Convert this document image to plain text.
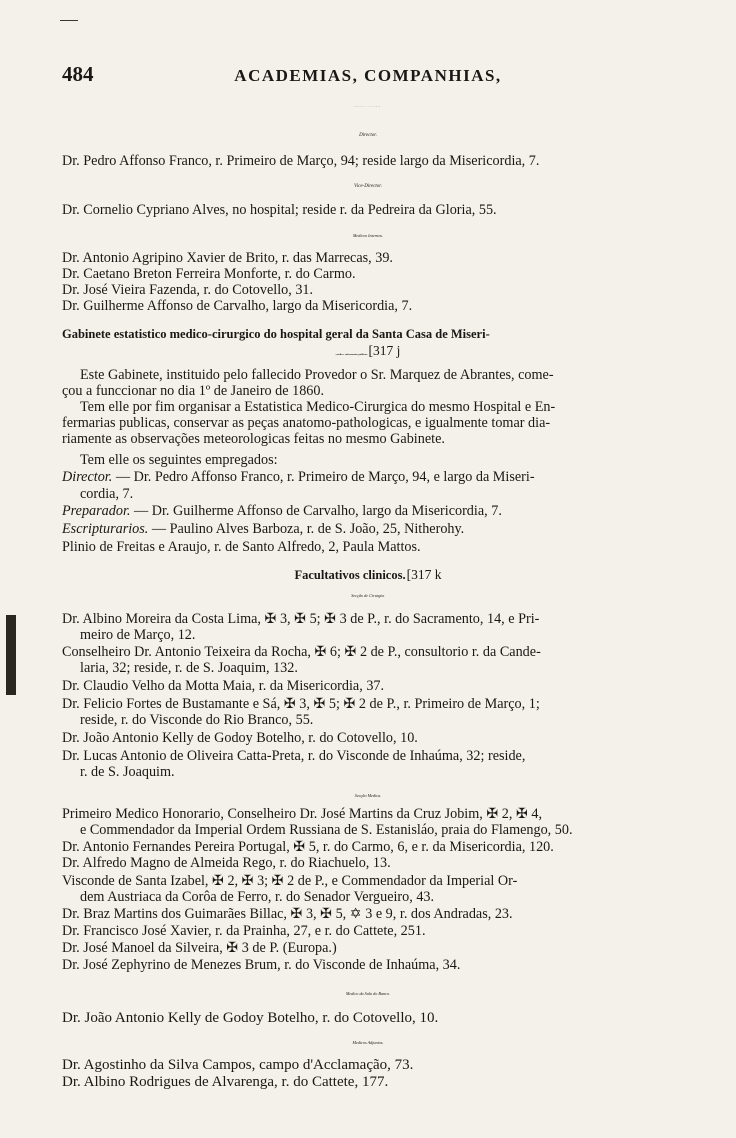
484	ACADEMIAS, COMPANHIAS,
SERVIÇO SANITARIO.
Director.
Dr. Pedro Affonso Franco, r. Primeiro de Março, 94; reside largo da Misericordia, 7.
Vice-Director.
Dr. Cornelio Cypriano Alves, no hospital; reside r. da Pedreira da Gloria, 55.
Medicos Internos.
Dr. Antonio Agripino Xavier de Brito, r. das Marrecas, 39.
Dr. Caetano Breton Ferreira Monforte, r. do Carmo.
Dr. José Vieira Fazenda, r. do Cotovello, 31.
Dr. Guilherme Affonso de Carvalho, largo da Misericordia, 7.
Gabinete estatistico medico-cirurgico do hospital geral da Santa Casa de Miseri-
cordia e enfermarias publicas. [317 j
Este Gabinete, instituido pelo fallecido Provedor o Sr. Marquez de Abrantes, come-
çou a funccionar no dia 1º de Janeiro de 1860.
Tem elle por fim organisar a Estatistica Medico-Cirurgica do mesmo Hospital e En-
fermarias publicas, conservar as peças anatomo-pathologicas, e igualmente tomar dia-
riamente as observações meteorologicas feitas no mesmo Gabinete.
Tem elle os seguintes empregados:
Director. — Dr. Pedro Affonso Franco, r. Primeiro de Março, 94, e largo da Miseri-
cordia, 7.
Preparador. — Dr. Guilherme Affonso de Carvalho, largo da Misericordia, 7.
Escripturarios. — Paulino Alves Barboza, r. de S. João, 25, Nitherohy.
Plinio de Freitas e Araujo, r. de Santo Alfredo, 2, Paula Mattos.
Facultativos clinicos. [317 k
Secção de Cirurgia.
Dr. Albino Moreira da Costa Lima, ✠ 3, ✠ 5; ✠ 3 de P., r. do Sacramento, 14, e Pri-
meiro de Março, 12.
Conselheiro Dr. Antonio Teixeira da Rocha, ✠ 6; ✠ 2 de P., consultorio r. da Cande-
laria, 32; reside, r. de S. Joaquim, 132.
Dr. Claudio Velho da Motta Maia, r. da Misericordia, 37.
Dr. Felicio Fortes de Bustamante e Sá, ✠ 3, ✠ 5; ✠ 2 de P., r. Primeiro de Março, 1;
reside, r. do Visconde do Rio Branco, 55.
Dr. João Antonio Kelly de Godoy Botelho, r. do Cotovello, 10.
Dr. Lucas Antonio de Oliveira Catta-Preta, r. do Visconde de Inhaúma, 32; reside,
r. de S. Joaquim.
Secção Medica.
Primeiro Medico Honorario, Conselheiro Dr. José Martins da Cruz Jobim, ✠ 2, ✠ 4,
e Commendador da Imperial Ordem Russiana de S. Estanisláo, praia do Flamengo, 50.
Dr. Antonio Fernandes Pereira Portugal, ✠ 5, r. do Carmo, 6, e r. da Misericordia, 120.
Dr. Alfredo Magno de Almeida Rego, r. do Riachuelo, 13.
Visconde de Santa Izabel, ✠ 2, ✠ 3; ✠ 2 de P., e Commendador da Imperial Or-
dem Austriaca da Corôa de Ferro, r. do Senador Vergueiro, 43.
Dr. Braz Martins dos Guimarães Billac, ✠ 3, ✠ 5, ✡ 3 e 9, r. dos Andradas, 23.
Dr. Francisco José Xavier, r. da Prainha, 27, e r. do Cattete, 251.
Dr. José Manoel da Silveira, ✠ 3 de P. (Europa.)
Dr. José Zephyrino de Menezes Brum, r. do Visconde de Inhaúma, 34.
Medico da Sala do Banco.
Dr. João Antonio Kelly de Godoy Botelho, r. do Cotovello, 10.
Medicos Adjuntos.
Dr. Agostinho da Silva Campos, campo d'Acclamação, 73.
Dr. Albino Rodrigues de Alvarenga, r. do Cattete, 177.
